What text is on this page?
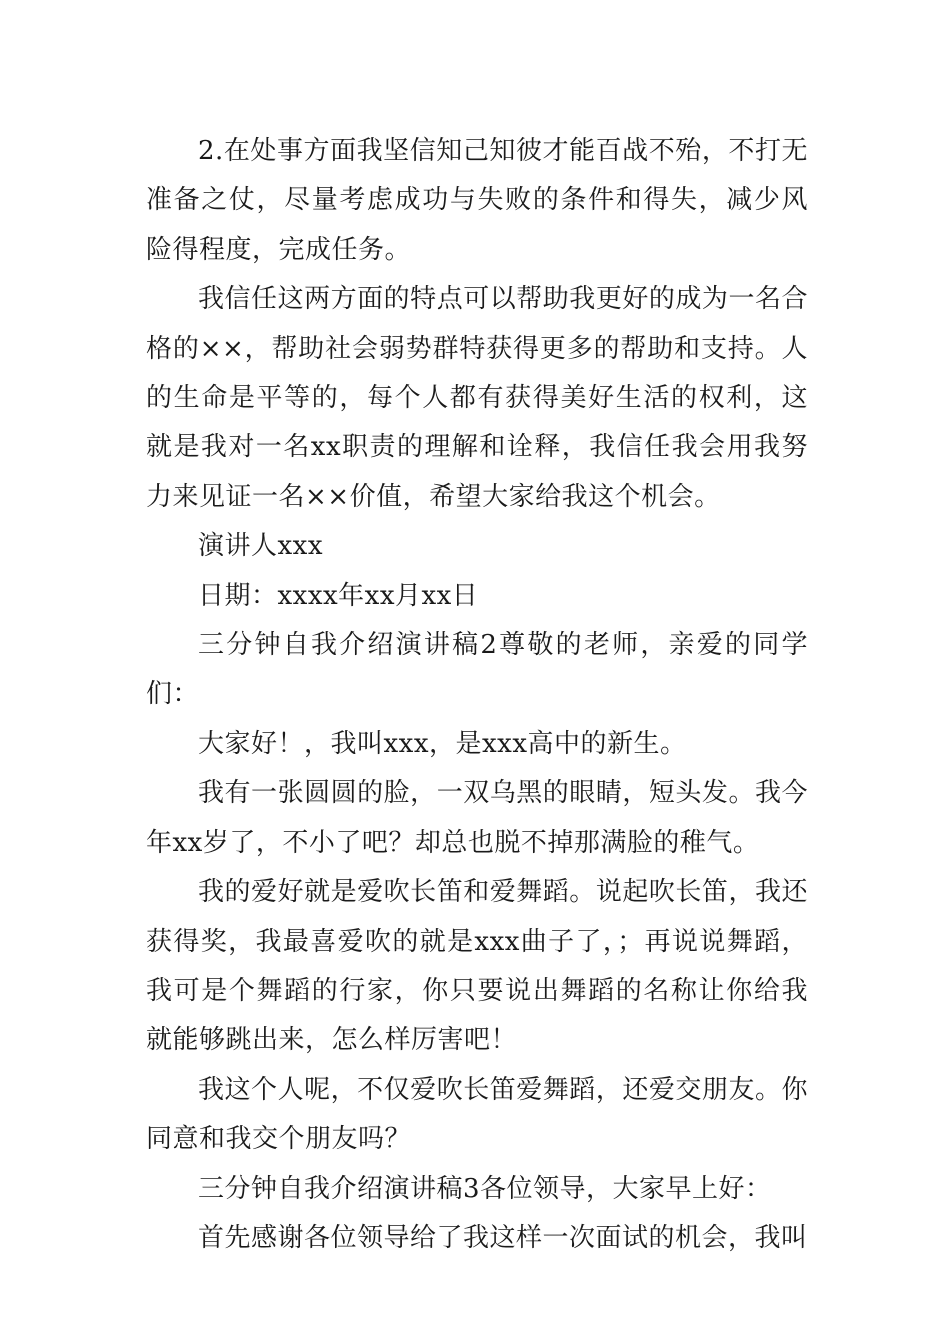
2.在处事方面我坚信知己知彼才能百战不殆，不打无准备之仗，尽量考虑成功与失败的条件和得失，减少风险得程度，完成任务。

我信任这两方面的特点可以帮助我更好的成为一名合格的××，帮助社会弱势群特获得更多的帮助和支持。人的生命是平等的，每个人都有获得美好生活的权利，这就是我对一名xx职责的理解和诠释，我信任我会用我努力来见证一名××价值，希望大家给我这个机会。

演讲人xxx

日期：xxxx年xx月xx日

三分钟自我介绍演讲稿2尊敬的老师，亲爱的同学们：

大家好！，我叫xxx，是xxx高中的新生。

我有一张圆圆的脸，一双乌黑的眼睛，短头发。我今年xx岁了，不小了吧？却总也脱不掉那满脸的稚气。

我的爱好就是爱吹长笛和爱舞蹈。说起吹长笛，我还获得奖，我最喜爱吹的就是xxx曲子了，；再说说舞蹈，我可是个舞蹈的行家，你只要说出舞蹈的名称让你给我就能够跳出来，怎么样厉害吧！

我这个人呢，不仅爱吹长笛爱舞蹈，还爱交朋友。你同意和我交个朋友吗？

三分钟自我介绍演讲稿3各位领导，大家早上好：

首先感谢各位领导给了我这样一次面试的机会，我叫
